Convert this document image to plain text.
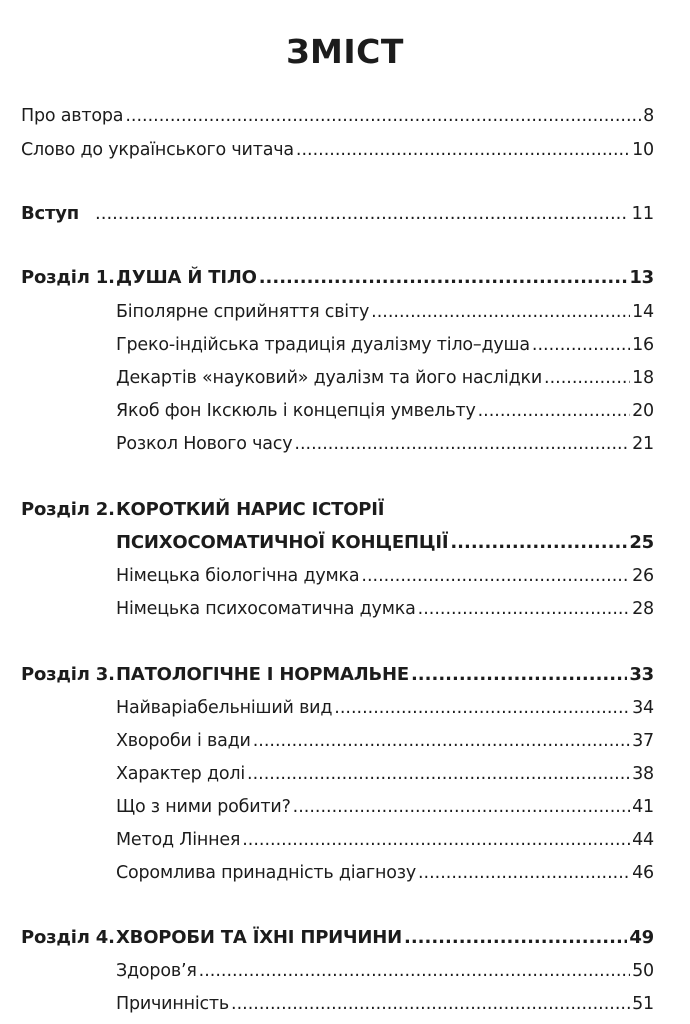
ЗМІСТ
Про автора .....	8
Слово до українського читача .....	10
Вступ .....	11
Розділ 1. ДУША Й ТІЛО .....	13
Біполярне сприйняття світу .....	14
Греко-індійська традиція дуалізму тіло–душа .....	16
Декартів «науковий» дуалізм та його наслідки .....	18
Якоб фон Ікскюль і концепція умвельту .....	20
Розкол Нового часу .....	21
Розділ 2. КОРОТКИЙ НАРИС ІСТОРІЇ
ПСИХОСОМАТИЧНОЇ КОНЦЕПЦІЇ .....	25
Німецька біологічна думка .....	26
Німецька психосоматична думка .....	28
Розділ 3. ПАТОЛОГІЧНЕ І НОРМАЛЬНЕ .....	33
Найваріабельніший вид .....	34
Хвороби і вади .....	37
Характер долі .....	38
Що з ними робити? .....	41
Метод Ліннея .....	44
Соромлива принадність діагнозу .....	46
Розділ 4. ХВОРОБИ ТА ЇХНІ ПРИЧИНИ .....	49
Здоров’я .....	50
Причинність .....	51
